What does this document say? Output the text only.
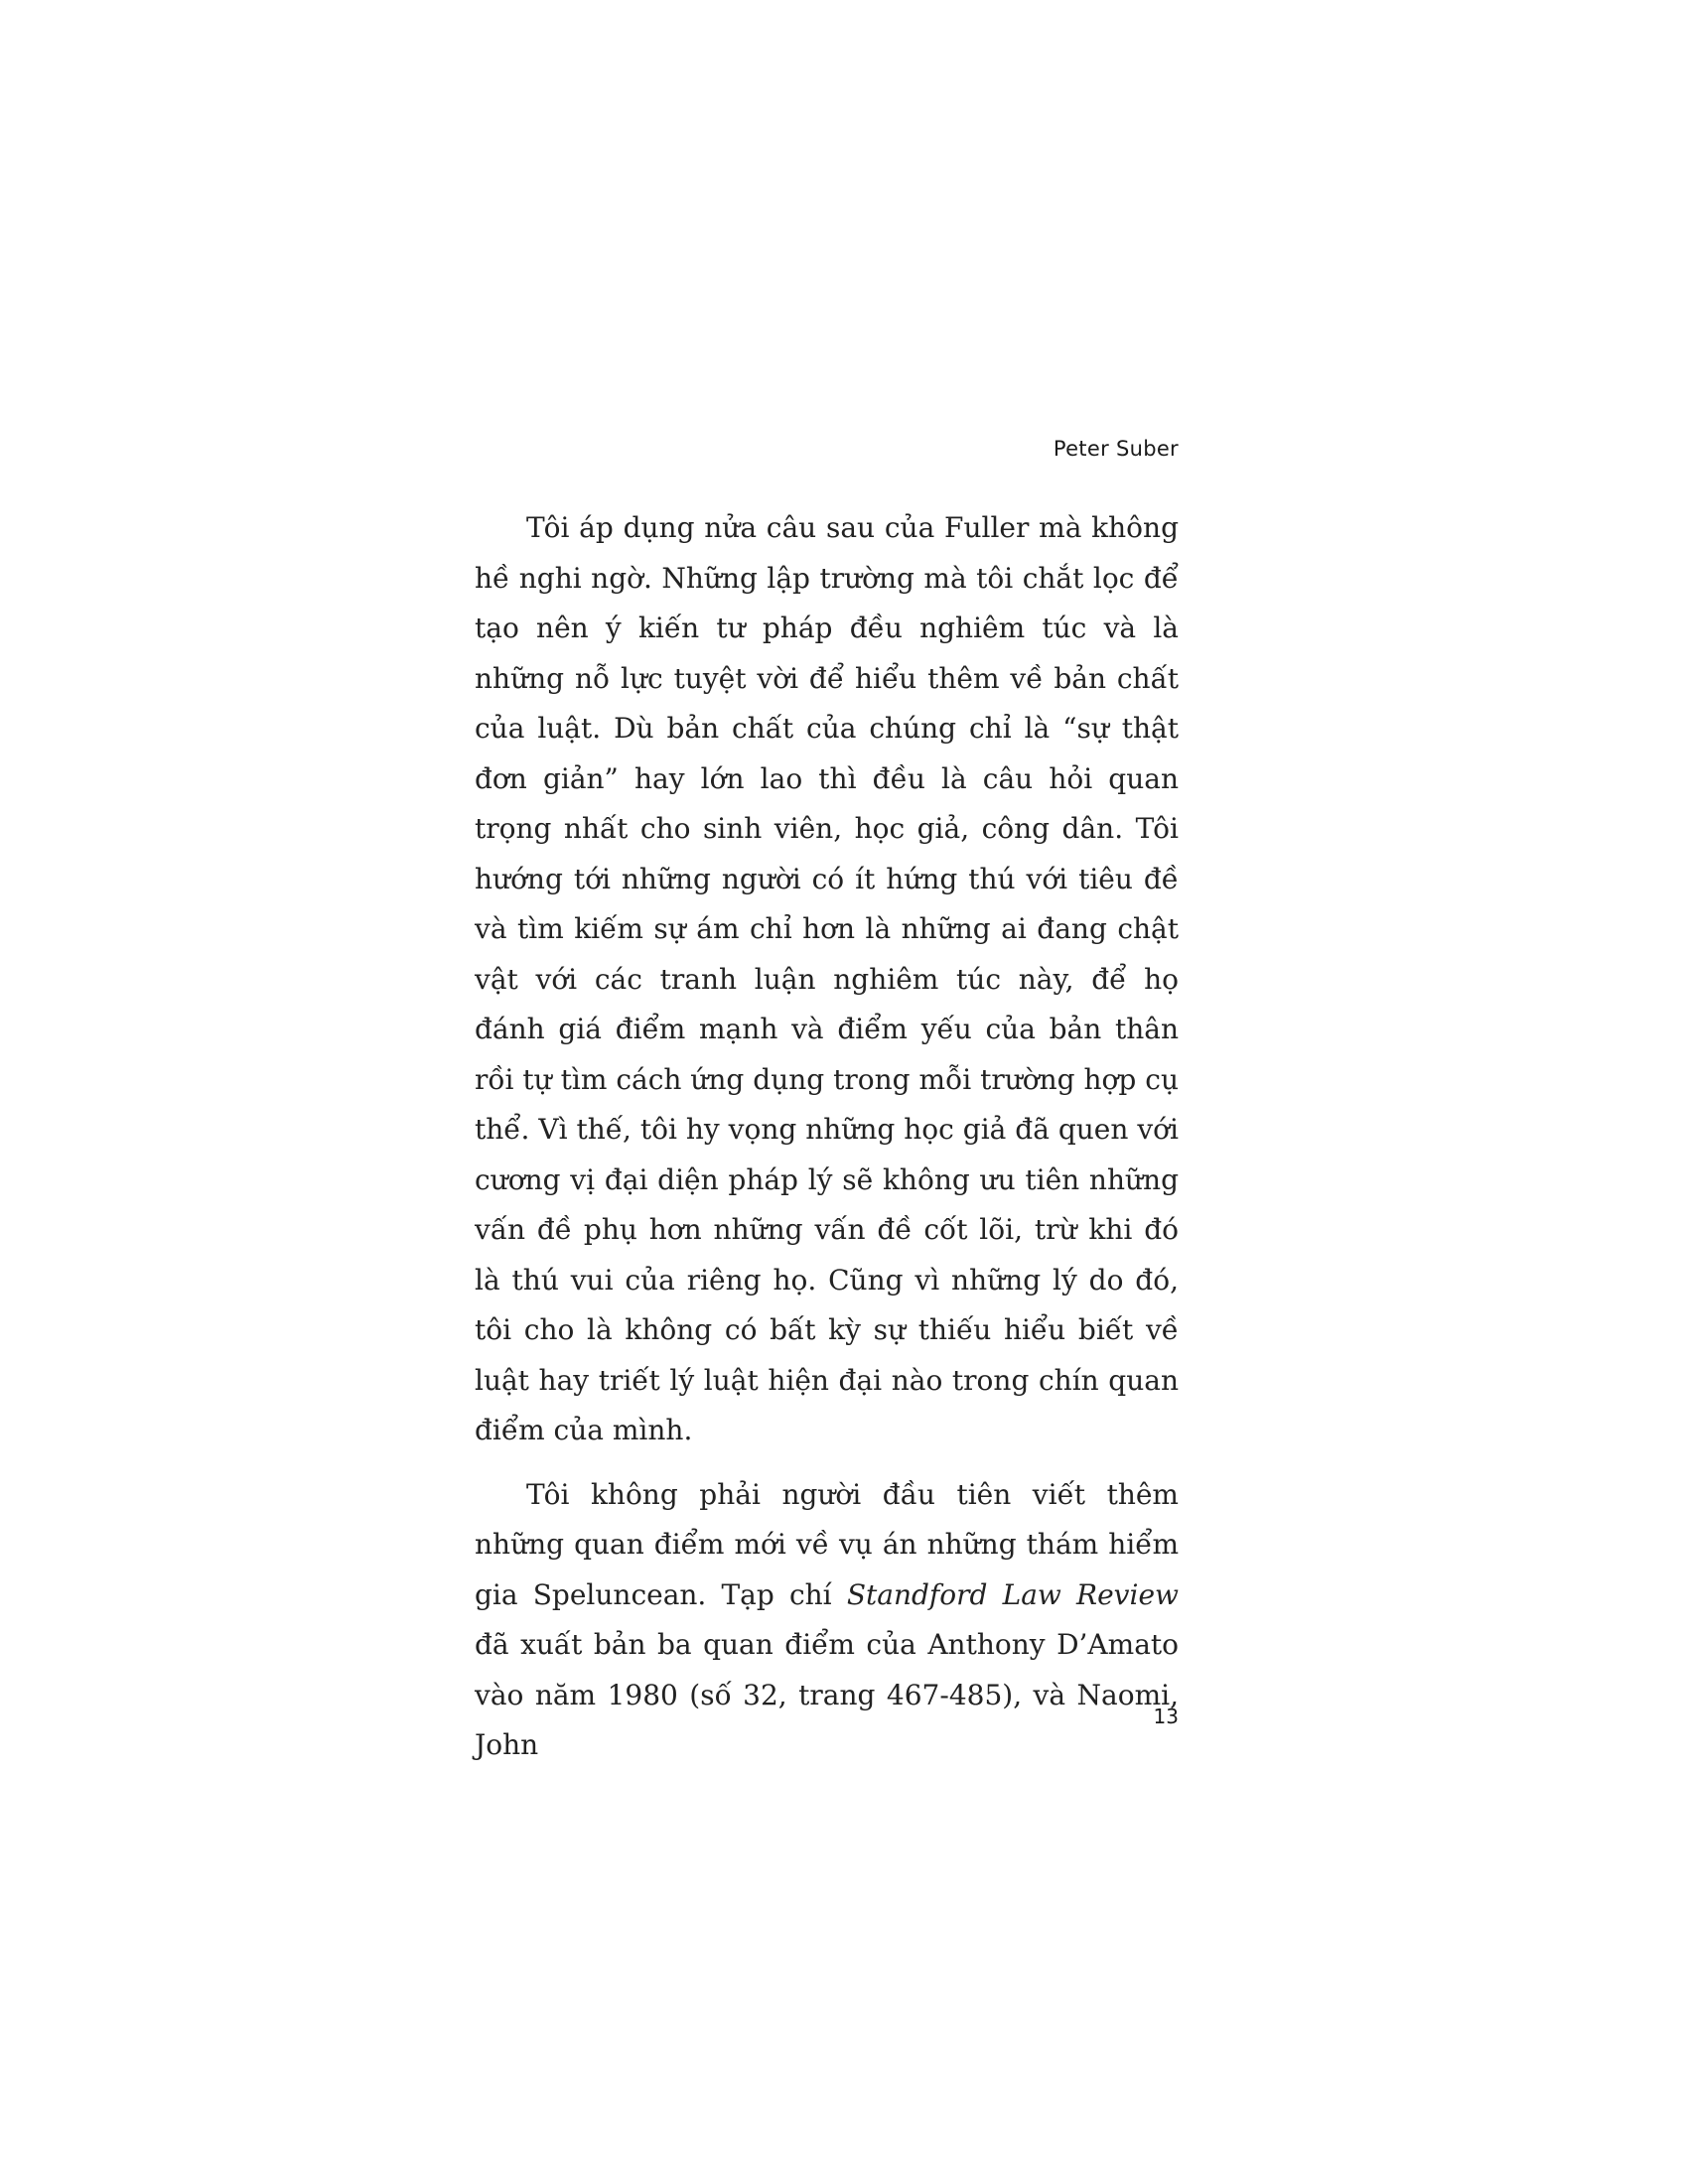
Peter Suber

Tôi áp dụng nửa câu sau của Fuller mà không hề nghi ngờ. Những lập trường mà tôi chắt lọc để tạo nên ý kiến tư pháp đều nghiêm túc và là những nỗ lực tuyệt vời để hiểu thêm về bản chất của luật. Dù bản chất của chúng chỉ là “sự thật đơn giản” hay lớn lao thì đều là câu hỏi quan trọng nhất cho sinh viên, học giả, công dân. Tôi hướng tới những người có ít hứng thú với tiêu đề và tìm kiếm sự ám chỉ hơn là những ai đang chật vật với các tranh luận nghiêm túc này, để họ đánh giá điểm mạnh và điểm yếu của bản thân rồi tự tìm cách ứng dụng trong mỗi trường hợp cụ thể. Vì thế, tôi hy vọng những học giả đã quen với cương vị đại diện pháp lý sẽ không ưu tiên những vấn đề phụ hơn những vấn đề cốt lõi, trừ khi đó là thú vui của riêng họ. Cũng vì những lý do đó, tôi cho là không có bất kỳ sự thiếu hiểu biết về luật hay triết lý luật hiện đại nào trong chín quan điểm của mình.

Tôi không phải người đầu tiên viết thêm những quan điểm mới về vụ án những thám hiểm gia Speluncean. Tạp chí Standford Law Review đã xuất bản ba quan điểm của Anthony D’Amato vào năm 1980 (số 32, trang 467-485), và Naomi, John

13
